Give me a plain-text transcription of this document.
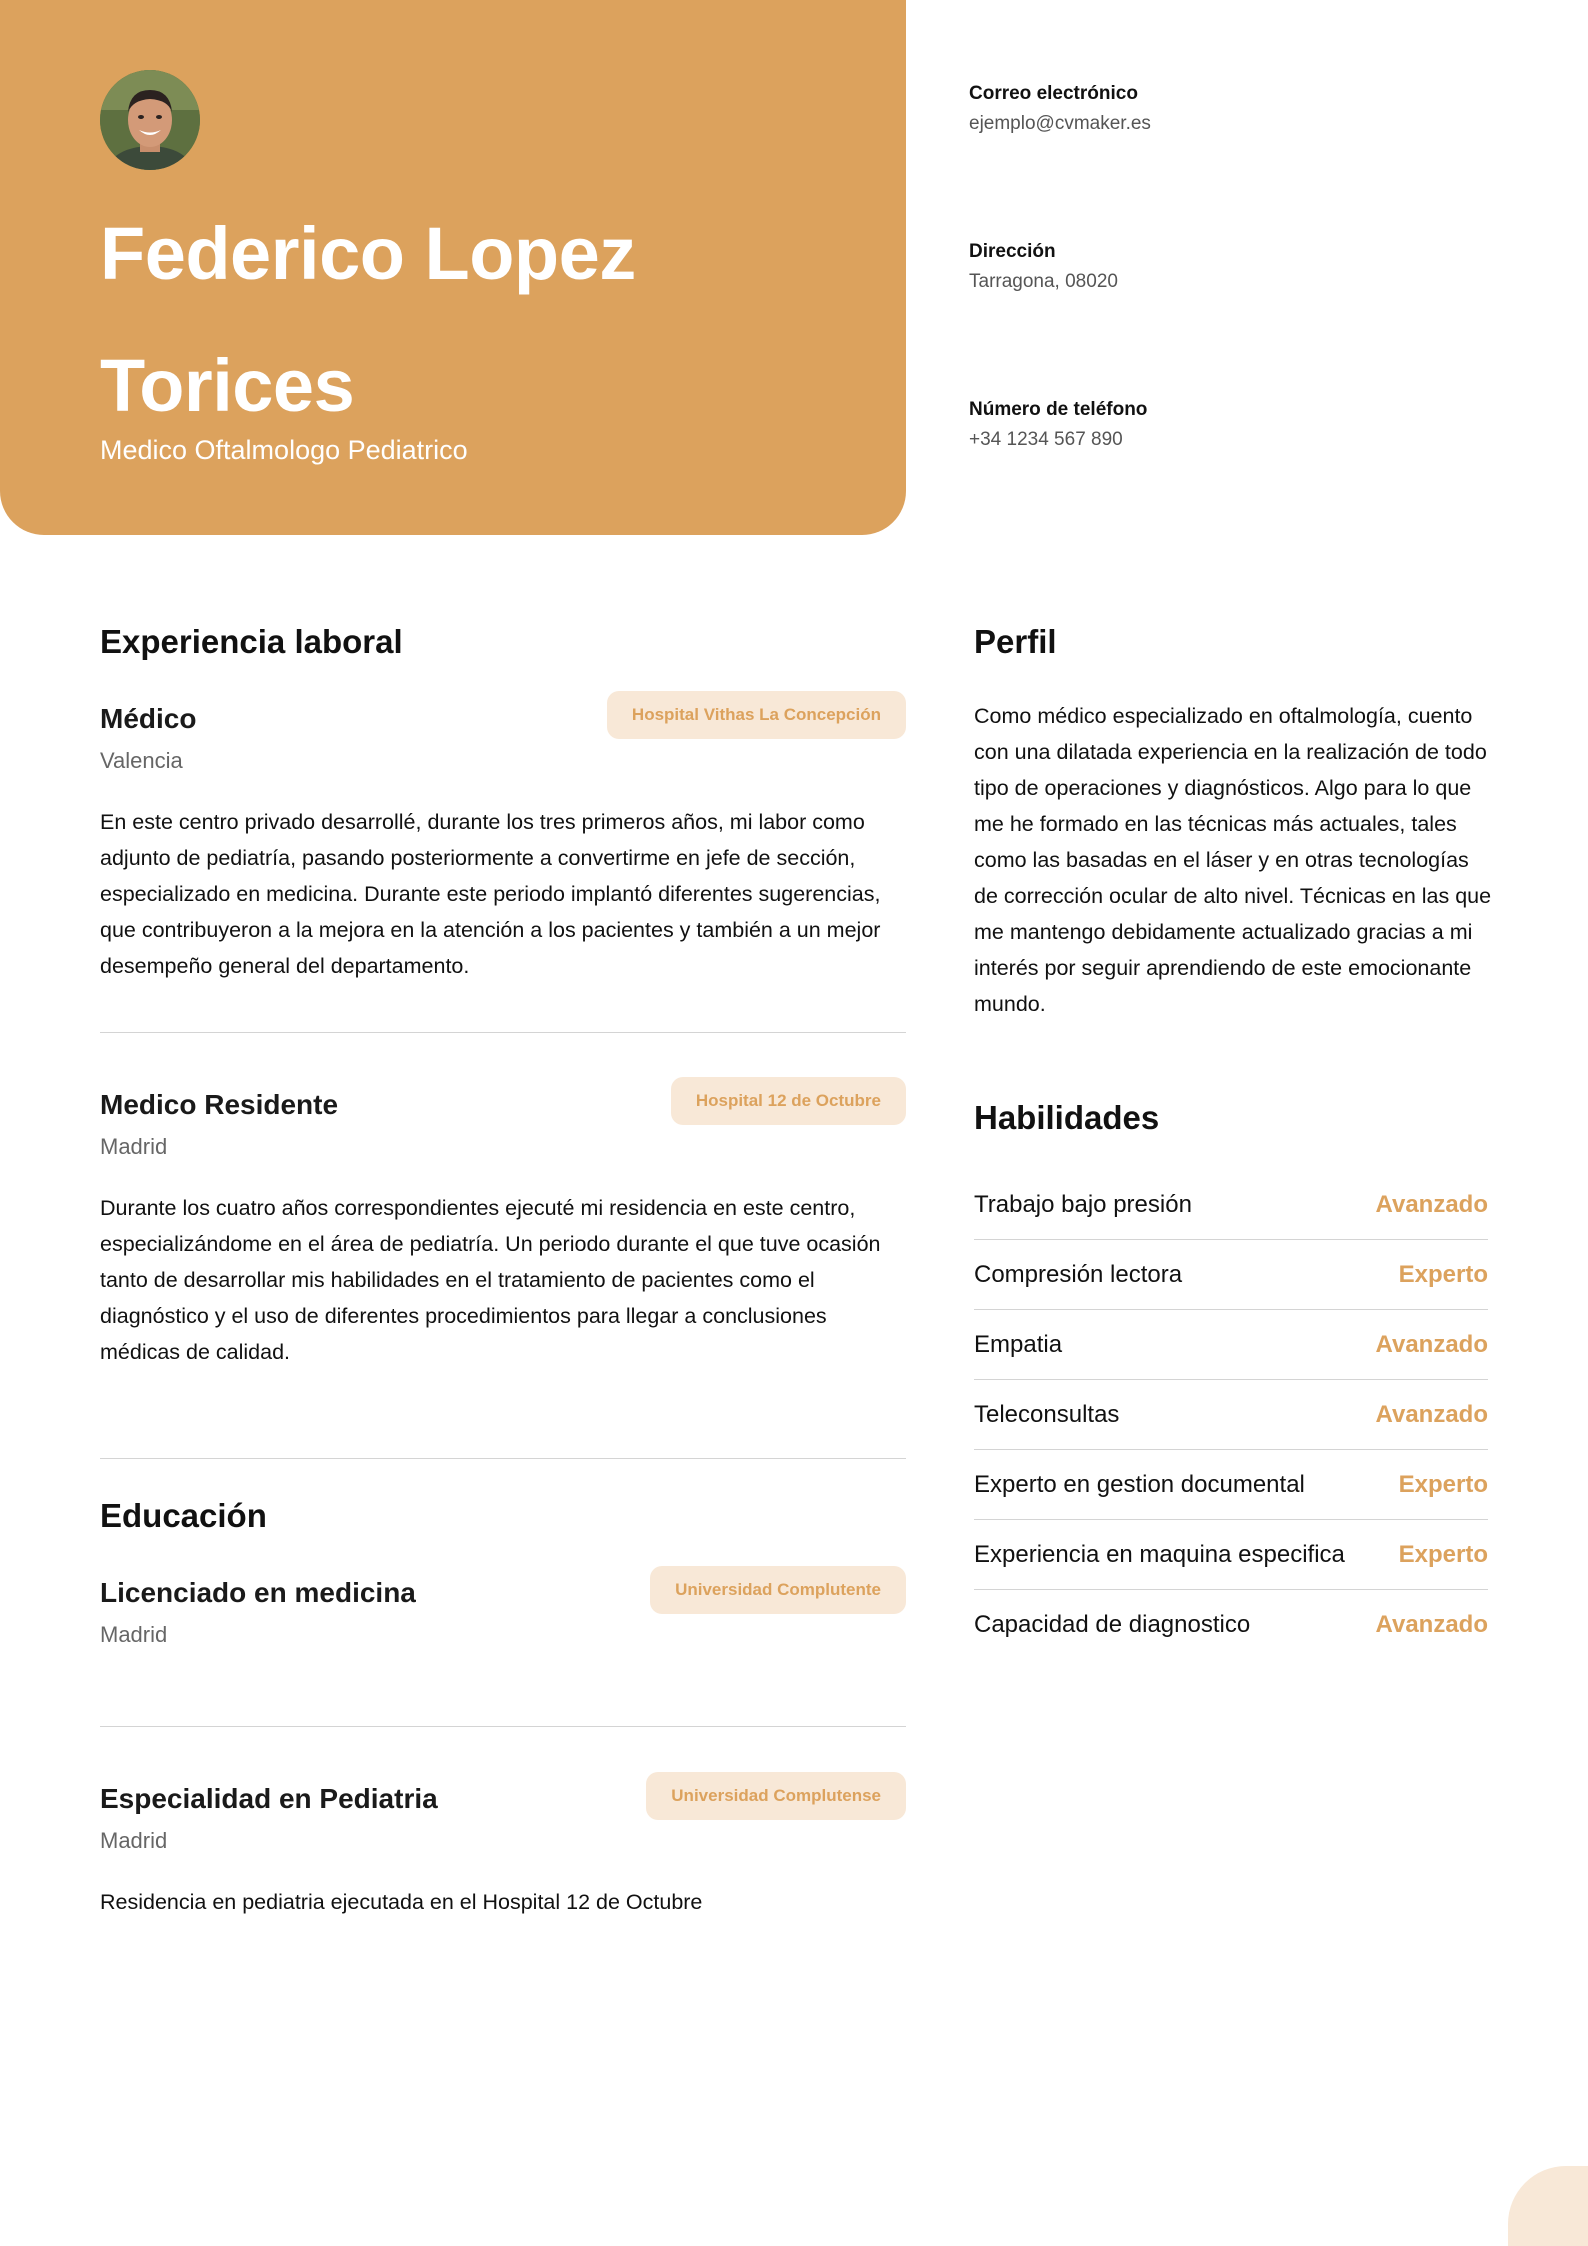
Federico Lopez Torices
Medico Oftalmologo Pediatrico
Correo electrónico
ejemplo@cvmaker.es
Dirección
Tarragona, 08020
Número de teléfono
+34 1234 567 890
Experiencia laboral
Médico	Hospital Vithas La Concepción
Valencia
En este centro privado desarrollé, durante los tres primeros años, mi labor como adjunto de pediatría, pasando posteriormente a convertirme en jefe de sección, especializado en medicina. Durante este periodo implantó diferentes sugerencias, que contribuyeron a la mejora en la atención a los pacientes y también a un mejor desempeño general del departamento.
Medico Residente	Hospital 12 de Octubre
Madrid
Durante los cuatro años correspondientes ejecuté mi residencia en este centro, especializándome en el área de pediatría. Un periodo durante el que tuve ocasión tanto de desarrollar mis habilidades en el tratamiento de pacientes como el diagnóstico y el uso de diferentes procedimientos para llegar a conclusiones médicas de calidad.
Educación
Licenciado en medicina	Universidad Complutente
Madrid
Especialidad en Pediatria	Universidad Complutense
Madrid
Residencia en pediatria ejecutada en el Hospital 12 de Octubre
Perfil
Como médico especializado en oftalmología, cuento con una dilatada experiencia en la realización de todo tipo de operaciones y diagnósticos. Algo para lo que me he formado en las técnicas más actuales, tales como las basadas en el láser y en otras tecnologías de corrección ocular de alto nivel. Técnicas en las que me mantengo debidamente actualizado gracias a mi interés por seguir aprendiendo de este emocionante mundo.
Habilidades
Trabajo bajo presión	Avanzado
Compresión lectora	Experto
Empatia	Avanzado
Teleconsultas	Avanzado
Experto en gestion documental	Experto
Experiencia en maquina especifica Experto
Capacidad de diagnostico	Avanzado
